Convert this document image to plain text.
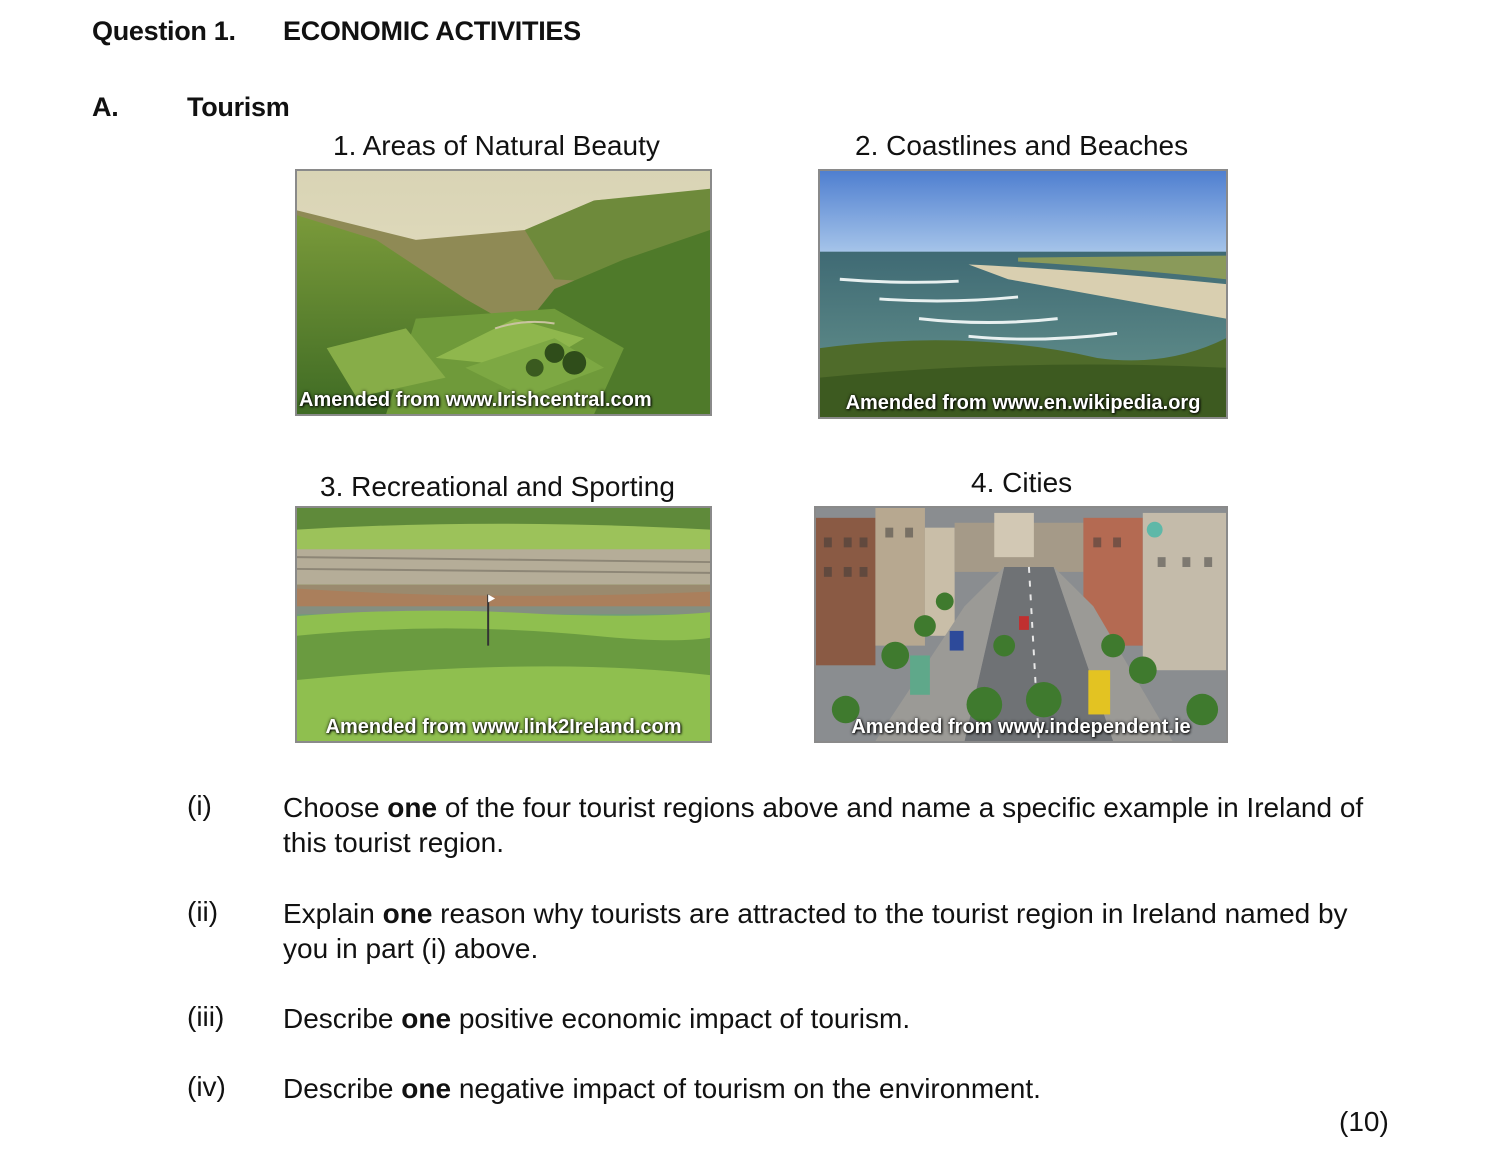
Question 1. ECONOMIC ACTIVITIES
A.	Tourism
1. Areas of Natural Beauty	2. Coastlines and Beaches
3. Recreational and Sporting	4. Cities
Amended from www.Irishcentral.com	Amended from www.en.wikipedia.org
Amended from www.link2Ireland.com	Amended from www.independent.ie
(i)	Choose one of the four tourist regions above and name a specific example in Ireland of this tourist region.
(ii) Explain one reason why tourists are attracted to the tourist region in Ireland named by you in part (i) above.
(iii) Describe one positive economic impact of tourism.
(iv) Describe one negative impact of tourism on the environment.
(10)
